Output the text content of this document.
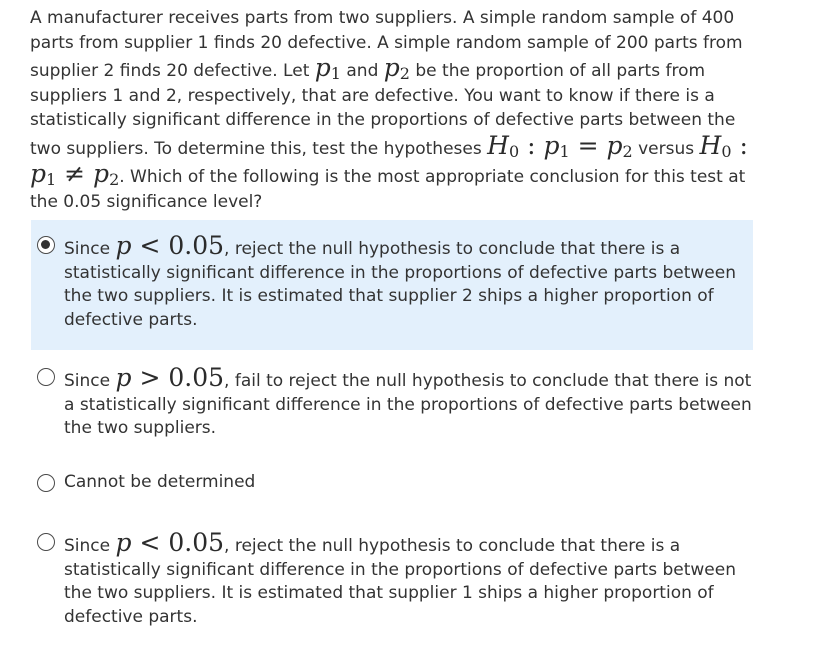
A manufacturer receives parts from two suppliers. A simple random sample of 400 parts from supplier 1 finds 20 defective. A simple random sample of 200 parts from supplier 2 finds 20 defective. Let $p_1$ and $p_2$ be the proportion of all parts from suppliers 1 and 2, respectively, that are defective. You want to know if there is a statistically significant difference in the proportions of defective parts between the two suppliers. To determine this, test the hypotheses $H_0$ : $p_1 = p_2$ versus $H_0$ : $p_1 \ne p_2$. Which of the following is the most appropriate conclusion for this test at the 0.05 significance level?
Since p < 0.05, reject the null hypothesis to conclude that there is a statistically significant difference in the proportions of defective parts between the two suppliers. It is estimated that supplier 2 ships a higher proportion of defective parts.
Since p > 0.05, fail to reject the null hypothesis to conclude that there is not a statistically significant difference in the proportions of defective parts between the two suppliers.
Cannot be determined
Since p < 0.05, reject the null hypothesis to conclude that there is a statistically significant difference in the proportions of defective parts between the two suppliers. It is estimated that supplier 1 ships a higher proportion of defective parts.
